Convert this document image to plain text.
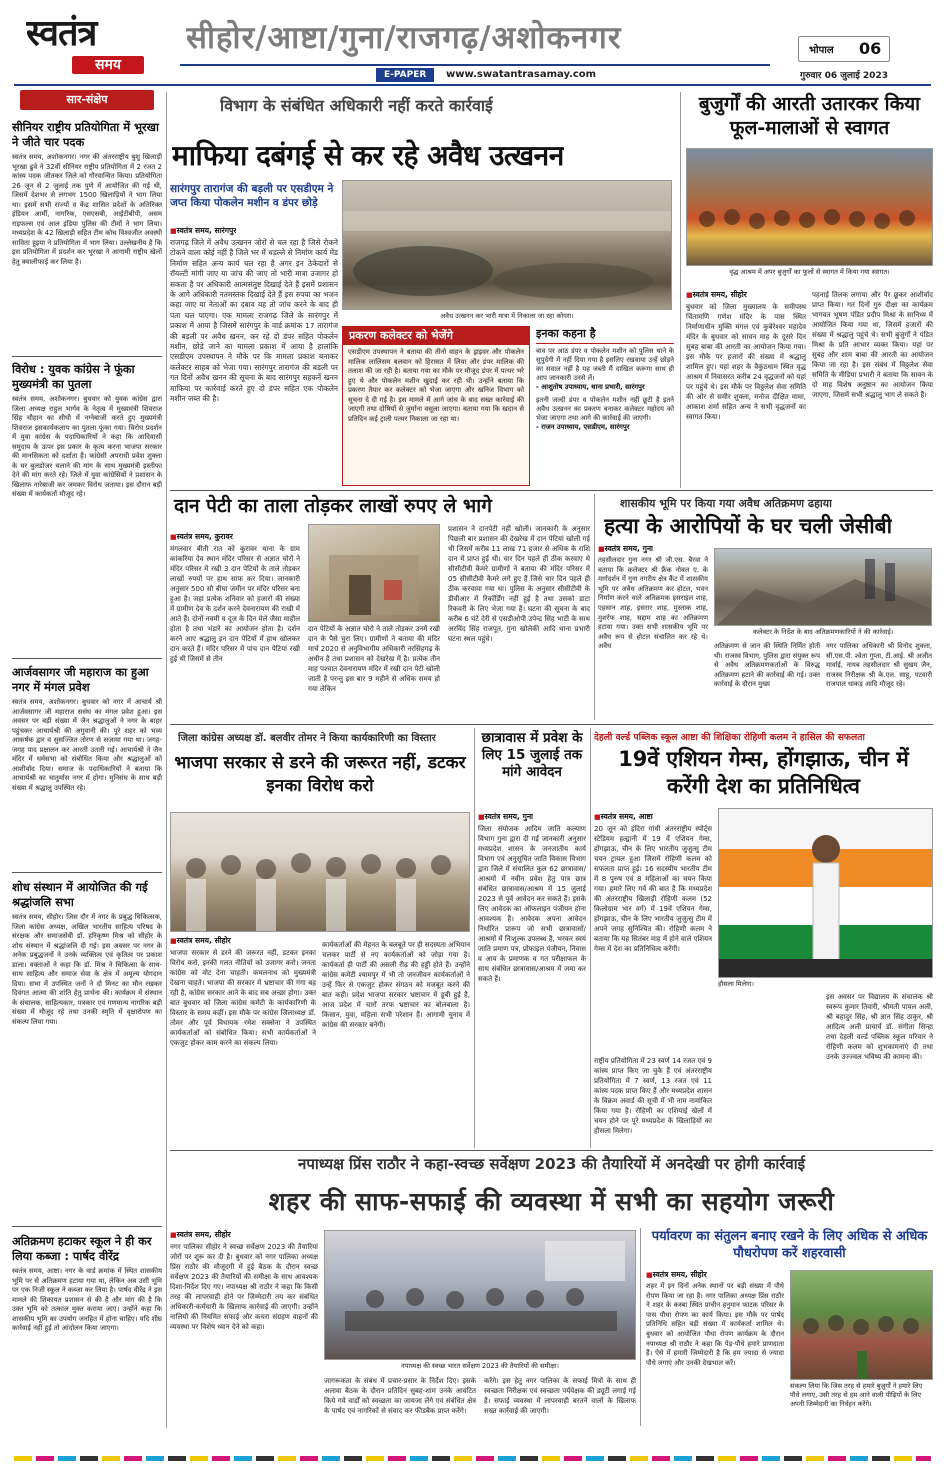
स्वतंत्र
समय
सीहोर/आष्टा/गुना/राजगढ़/अशोकनगर
E-PAPER	www.swatantrasamay.com
भोपाल 06
गुरुवार 06 जुलाई 2023
सार-संक्षेप
सीनियर राष्ट्रीय प्रतियोगिता में भूरखा ने जीते चार पदक
स्वतंत्र समय, अशोकनगर। नगर की अंतरराष्ट्रीय बुशु खिलाड़ी भूरखा ढुवे ने 32वीं सीनियर राष्ट्रीय प्रतियोगिता में 2 रजत 2 कांस्य पदक जीतकर जिले को गौरवान्वित किया। प्रतियोगिता 26 जून से 2 जुलाई तक पुणे में आयोजित की गई थी, जिसमें देशभर से लगभग 1500 खिलाड़ियों ने भाग लिया था। इसमें सभी राज्यों व केंद्र शासित प्रदेशों के अतिरिक्त इंडियन आर्मी, नागरिक, एसएसबी, आईटीबीपी, असम राइफल्स एवं आल इंडिया पुलिस की टीमों ने भाग लिया। मध्यप्रदेश के 42 खिलाड़ी सहित टीम कोच विश्वजीत अवस्थी साविता हुइया ने प्रतियोगिता में भाग लिया। उल्लेखनीय है कि इस प्रतियोगिता में प्रदर्शन कर भूरखा ने आगामी राष्ट्रीय खेलों हेतु क्वालीफाई कर लिया है।
विरोध : युवक कांग्रेस ने फूंका मुख्यमंत्री का पुतला
स्वतंत्र समय, अशोकनगर। बुधवार को युवक कांग्रेस द्वारा जिला अध्यक्ष राहुल भार्गव के नेतृत्व में मुख्यमंत्री शिवराज सिंह चौहान का सीधी में नग्नेबाजी करते हुए मुख्यमंत्री शिवराज इसकार्यकलाप का पुतला फूंका गया। विरोध प्रदर्शन में युवा कांग्रेस के पदाधिकारियों ने कहा कि आदिवासी समुदाय के ऊपर इस प्रकार के कृत्य करना भाजपा सरकार की मानसिकता को दर्शाता है। कांग्रेसी अपराधी प्रवेश शुक्ला के घर बुलडोजर चलाने की मांग के साथ मुख्यमंत्री इस्तीफा देने की मांग करते रहे। जिले में युवा कांग्रेसियों ने प्रशासन के खिलाफ नारेबाजी कर जमकर विरोध जताया। इस दौरान बड़ी संख्या में कार्यकर्ता मौजूद रहे।
आर्जवसागर जी महाराज का हुआ नगर में मंगल प्रवेश
स्वतंत्र समय, अशोकनगर। बुधवार को नगर में आचार्य श्री आर्जवसागर जी महाराज ससंघ का मंगल प्रवेश हुआ। इस अवसर पर बड़ी संख्या में जैन श्रद्धालुओं ने नगर के बाहर पहुंचकर आचार्यश्री की अगुवानी की। पूरे शहर को भव्य आकर्षक द्वार व सुसज्जित तोरण से सजाया गया था। जगह-जगह पाद प्रक्षालन कर आरती उतारी गई। आचार्यश्री ने जैन मंदिर में धर्मसभा को संबोधित किया और श्रद्धालुओं को आशीर्वाद दिया। समाज के पदाधिकारियों ने बताया कि आचार्यश्री का चातुर्मास नगर में होगा। मुनिसंघ के साथ बड़ी संख्या में श्रद्धालु उपस्थित रहे।
शोध संस्थान में आयोजित की गई श्रद्धांजलि सभा
स्वतंत्र समय, सीहोर। जिस दौर में नगर के प्रबुद्ध चिकित्सक, जिला कांग्रेस अध्यक्ष, अखिल भारतीय साहित्य परिषद के संरक्षक और समाजसेवी डॉ. हरिकृष्ण मिश्र को सीहोर के शोध संस्थान में श्रद्धांजलि दी गई। इस अवसर पर नगर के अनेक प्रबुद्धजनों ने उनके व्यक्तित्व एवं कृतित्व पर प्रकाश डाला। वक्ताओं ने कहा कि डॉ. मिश्र ने चिकित्सा के साथ-साथ साहित्य और समाज सेवा के क्षेत्र में अमूल्य योगदान दिया। सभा में उपस्थित जनों ने दो मिनट का मौन रखकर दिवंगत आत्मा की शांति हेतु प्रार्थना की। कार्यक्रम में संस्थान के संचालक, साहित्यकार, पत्रकार एवं गणमान्य नागरिक बड़ी संख्या में मौजूद रहे तथा उनकी स्मृति में वृक्षारोपण का संकल्प लिया गया।
अतिक्रमण हटाकर स्कूल ने ही कर लिया कब्जा : पार्षद वीरेंद्र
स्वतंत्र समय, आष्टा। नगर के वार्ड क्रमांक में स्थित शासकीय भूमि पर से अतिक्रमण हटाया गया था, लेकिन अब उसी भूमि पर एक निजी स्कूल ने कब्जा कर लिया है। पार्षद वीरेंद्र ने इस मामले की शिकायत प्रशासन से की है और मांग की है कि उक्त भूमि को तत्काल मुक्त कराया जाए। उन्होंने कहा कि शासकीय भूमि का उपयोग जनहित में होना चाहिए। यदि शीघ्र कार्रवाई नहीं हुई तो आंदोलन किया जाएगा।
विभाग के संबंधित अधिकारी नहीं करते कार्रवाई
माफिया दबंगई से कर रहे अवैध उत्खनन
सारंगपुर तारागंज की बड़ली पर एसडीएम ने जप्त किया पोकलेन मशीन व डंपर छोड़े
अवैध उत्खनन कर भारी मात्रा में निकाला जा रहा कोपरा।
■ स्वतंत्र समय, सारंगपुर
राजगढ़ जिले में अवैध उत्खनन जोरों से चल रहा है जिसे रोकने टोकने वाला कोई नहीं है जिले भर में धड़ल्ले से निर्माण कार्य मेंड निर्माण सहित अन्य कार्य चल रहा है अगर इन ठेकेदारों से रॉयल्टी मांगी जाए या जांच की जाए तो भारी मात्रा उजागर हो सकता है पर अधिकारी आत्मसंतुष्ट दिखाई देते हैं इसमें प्रशासन के आगे अधिकारी नतमस्तक दिखाई देते हैं इस रुपया का भजन कहा जाए या नेताओं का दबाव यह तो जांच करने के बाद ही पता चल पाएगा। एक मामला राजगढ़ जिले के सारंगपुर में प्रकाश में आया है जिसमें सारंगपुर के वार्ड क्रमांक 17 तारागंज की बड़ली पर अवैध खनन, कर रहे दो डंपर सहित पोकलेन मशीन, छोड़े जाने का मामला प्रकाश में आया है हालांकि एसडीएम उपस्थापन ने मौके पर कि मामला प्रकाश बनाकर कलेक्टर साहब को भेजा गया। सारंगपुर तारागंज की बड़ली पर गत दिनों अवैध खनन की सूचना के बाद सारंगपुर सहकर्ने खनन माफिया पर कार्रवाई करते हुए दो डंपर सहित एक पोकलेन मशीन जब्त की है।
प्रकरण कलेक्टर को भेजेंगे
एसडीएम उपस्थापन ने बताया की तीनो वाहन के ड्राइवर और पोकलेन मालिक लालिसम बलवान को हिरासत में लिया और डंपर मालिक की तलाश की जा रही है। बताया गया का मौके पर मौजूद डंपर में पत्थर भरे हुए थे और पोकलेन मशीन खुदाई कर रही थी। उन्होंने बताया कि प्रकरण तैयार कर कलेक्टर को भेजा जाएगा और खनिज विभाग को सूचना दे दी गई है। इस मामले में आगे जांच के बाद सख्त कार्रवाई की जाएगी तथा दोषियों से जुर्माना वसूला जाएगा। बताया गया कि खदान से प्रतिदिन कई ट्राली पत्थर निकाला जा रहा था।
इनका कहना है
बाव पर आठ डंपर व पोकलेन मशीन को पुलिस थाने के सुपुर्दगी में नहीं दिया गया है इसलिए रखवाया उन्हें छोड़ने का सवाल नहीं है यह जब्ती मैं दाखिल करूंगा साथ ही आप जानकारी उनसे लें।
- आशुतोष उपाध्याय, थाना प्रभारी, सारंगपुर
इतनी जल्दी डंपर व पोकलेन मशीन नहीं छूटी है इतने अवैध उत्खनन का प्रकरण बनाकर कलेक्टर महोदय को भेजा जाएगा तथा आगे की कार्रवाई की जाएगी।
- राजन उपाध्याय, एसडीएम, सारंगपुर
बुजुर्गों की आरती उतारकर किया फूल-मालाओं से स्वागत
वृद्ध आश्रम में अपर बुजुर्गों का फूलों से स्वागत में किया गया स्वागत।
■ स्वतंत्र समय, सीहोर
बुधवार को जिला मुख्यालय के समीपस्थ चिंतामणि गणेश मंदिर के पास स्थित निर्माणाधीन मुक्ति मंगल एवं कुबेरेश्वर महादेव मंदिर के बुधवार को सावन माह के दूसरे दिन सुबह बाबा की आरती का आयोजन किया गया। इस मौके पर हजारों की संख्या में श्रद्धालु शामिल हुए। यहां शहर के वैकुंठधाम स्थित वृद्ध आश्रम में निवासरत करीब 24 वृद्धजनों को यहां पर पहुंचे थे। इस मौके पर विठ्ठलेश सेवा समिति की ओर से समीर शुक्ला, मनोज दीक्षित मामा, आकाश शर्मा सहित अन्य ने सभी वृद्धजनों का स्वागत किया।
पहनाई तिलक लगाया और पैर छूकर आशीर्वाद प्राप्त किया। गत दिनों गुरु दीक्षा का कार्यक्रम भागवत भूषण पंडित प्रदीप मिश्रा के सानिध्य में आयोजित किया गया था, जिसमें हजारों की संख्या में श्रद्धालु पहुंचे थे। सभी बुजुर्गों ने पंडित मिश्रा के प्रति आभार व्यक्त किया। यहां पर सुबह और शाम बाबा की आरती का आयोजन किया जा रहा है। इस संबंध में विठ्ठलेश सेवा समिति के मीडिया प्रभारी ने बताया कि सावन के दो माह विशेष अनुष्ठान का आयोजन किया जाएगा, जिसमें सभी श्रद्धालु भाग ले सकते हैं।
दान पेटी का ताला तोड़कर लाखों रुपए ले भागे
■ स्वतंत्र समय, कुरावर
मंगलवार बीती रात को कुरावर थाना के ग्राम कांकरिया देव स्थान मंदिर परिसर से अज्ञात चोरों ने मंदिर परिसर में रखी 3 दान पेटियों के ताले तोड़कर लाखों रुपयों पर हाथ साफ कर दिया। जानकारी अनुसार 500 सौ बीघा जमीन पर मंदिर परिसर बना हुआ है। जहां प्रत्येक शनिवार को हजारों की संख्या में ग्रामीण देव के दर्शन करने देवनारायण की राखी में आते हैं। दोनों नवमी व दूज के दिन मेले जैसा माहौल होता है तथा भंडारे का आयोजन होता है। दर्शन करने आए श्रद्धालु इन दान पेटियों में हाथ खोलकर दान करते हैं। मंदिर परिसर में पांच दान पेटियां रखी हुई थी जिसमें से तीन
दान पेटियों के अज्ञात चोरो ने ताले तोड़कर उनमें रखी दान के पैसे चुरा लिए। ग्रामीणों ने बताया की मंदिर मार्च 2020 से अनुविभागीय अधिकारी नरसिंहगढ़ के अधीन है तथा प्रशासन को देखरेख में है। प्रत्येक तीन माह पश्चात देवनारायण मंदिर में रखी दान पेटी खोली जाती है परन्तु इस बार 9 महीने से अधिक समय हो गया लेकिन
प्रशासन ने दानपेटी नहीं खोली। जानकारी के अनुसार पिछली बार प्रशासन की देखरेख में दान पेटियां खोली गई थी जिसमें करीब 11 लाख 71 हजार से अधिक के राशि दान में प्राप्त हुई थी। चार दिन पहले ही ठीक करवाए थे सीसीटीवी कैमरे ग्रामीणों ने बताया की मंदिर परिसर में 05 सीसीटीवी कैमरे लगे हुए हैं जिसे चार दिन पहले ही ठीक करवाया गया था। पुलिस के अनुसार सीसीटीवी के डीवीआर में रिकॉर्डिंग नहीं हुई है तथा उसको डाटा रिकवरी के लिए भेजा गया है। घटना की सूचना के बाद करीब 6 घंटे देरी से एसडीओपी उपेन्द्र सिंह भाटी के साथ अरविंद सिंह राजपूत, गुना खोलेकी आदि थाना प्रभारी घटना स्थल पहुंचे।
शासकीय भूमि पर किया गया अवैध अतिक्रमण ढहाया
हत्या के आरोपियों के घर चली जेसीबी
■ स्वतंत्र समय, गुना
तहसीलदार गुना नगर श्री जी.एस. बैरवा ने बताया कि कलेक्टर श्री फ्रैंक नोबल ए. के मार्गदर्शन में गुना नगरीय क्षेत्र कैंट में शासकीय भूमि पर अवैध अतिक्रमण कर होटल, भवन निर्माण करने वाले अतिक्रमक इसराइल शाह, एहसान शाह, इसरार शाह, मुस्ताक शाह, मुशर्रफ शाह, सद्दाम शाह का अतिक्रमण हटाया गया। उक्त सभी शासकीय भूमि पर अवैध रूप से होटल संचालित कर रहे थे। अवैध
कलेक्टर के निर्देश के बाद अतिक्रमणकारियों ने की कार्रवाई।
अतिक्रमण से जान की स्थिति निर्मित होती थी। राजस्व विभाग, पुलिस द्वारा संयुक्त रूप से अवैध अतिक्रमणकर्ताओं के विरुद्ध अतिक्रमण हटाने की कार्रवाई की गई। उक्त कार्रवाई के दौरान मुख्य
नगर पालिका अधिकारी श्री विनोद शुक्ला, सी.एस.पी. श्वेता गुप्ता, टी.आई. श्री अजीत मार्वाई, नायब तहसीलदार श्री सुखम जैन, राजस्व निरीक्षक श्री के.एल. साहू, पटवारी राजपाल धाकड़ आदि मौजूद रहे।
जिला कांग्रेस अध्यक्ष डॉ. बलवीर तोमर ने किया कार्यकारिणी का विस्तार
भाजपा सरकार से डरने की जरूरत नहीं, डटकर इनका विरोध करो
■ स्वतंत्र समय, सीहोर
भाजपा सरकार से डरने की जरूरत नहीं, डटकर इनका विरोध करो, इनकी गलत नीतियों को उजागर करो। जनता कांग्रेस को वोट देना चाहती। कमलनाथ को मुख्यमंत्री देखना चाहते। भाजपा की सरकार में भ्रष्टाचार की गंगा बह रही है, कांग्रेस सरकार आने के बाद सब अच्छा होगा। उक्त बात बुधवार को जिला कांग्रेस कमेटी के कार्यकारिणी के विस्तार के समय कहीं। इस मौके पर कांग्रेस जिलाध्यक्ष डॉ. तोमर और पूर्व विधायक रमेश सक्सेना ने उपस्थित कार्यकर्ताओं को संबोधित किया। सभी कार्यकर्ताओं ने एकजुट होकर काम करने का संकल्प लिया।
कार्यकर्ताओं की मेहनत के बलबूते पर ही सदस्यता अभियान चलकर पार्टी से नए कार्यकर्ताओं को जोड़ा गया है। कार्यकर्ता ही पार्टी की असली रीढ़ की हड्डी होते हैं। उन्होंने कांग्रेस कमेटी श्यामपुर में भी तो जनजीवन कार्यकर्ताओं ने उन्हें फिर से एकजुट होकर संगठन को मजबूत करने की बात कही। प्रदेश भाजपा सरकार भ्रष्टाचार में डूबी हुई है, आज प्रदेश में चारों तरफ भ्रष्टाचार का बोलबाला है। किसान, युवा, महिला सभी परेशान हैं। आगामी चुनाव में कांग्रेस की सरकार बनेगी।
छात्रावास में प्रवेश के लिए 15 जुलाई तक मांगे आवेदन
■ स्वतंत्र समय, गुना
जिला संयोजक आदिम जाति कल्याण विभाग गुना द्वारा दी गई जानकारी अनुसार मध्यप्रदेश शासन के जनजातीय कार्य विभाग एवं अनुसूचित जाति विकास विभाग द्वारा जिले में संचालित कुल 62 छात्रावास/आश्रमों में नवीन प्रवेश हेतु पात्र छात्र संबंधित छात्रावास/आश्रम में 15 जुलाई 2023 से पूर्व आवेदन कर सकते हैं। इसके लिए आवेदक का ऑफलाइन पंजीयन होना आवश्यक है। आवेदक अपना आवेदन निर्धारित प्रारूप जो सभी छात्रावासों/आश्रमों में निःशुल्क उपलब्ध है, भरकर स्वयं जाति प्रमाण पत्र, प्रोफाइल पंजीयन, निवास व आय के प्रमाणक व गत परीक्षाफल के साथ संबंधित छात्रावास/आश्रम में जमा कर सकते हैं।
देहली वर्ल्ड पब्लिक स्कूल आष्टा की शिक्षिका रोहिणी कलम ने हासिल की सफलता
19वें एशियन गेम्स, होंगझाऊ, चीन में करेंगी देश का प्रतिनिधित्व
■ स्वतंत्र समय, आष्टा
20 जून को इंदिरा गांधी अंतरराष्ट्रीय स्पोर्ट्स स्टेडियम हल्द्वानी में 19 वें एशियन गेम्स, होंगझाऊ, चीन के लिए भारतीय जुजुत्सु टीम चयन ट्रायल हुआ जिसमें रोहिणी कलम को सफलता प्राप्त हुई। 16 सदस्यीय भारतीय टीम में 8 पुरुष एवं 8 महिलाओं का चयन किया गया। हमारे लिए गर्व की बात है कि मध्यप्रदेश की अंतरराष्ट्रीय खिलाड़ी रोहिणी कलम (52 किलोग्राम भार वर्ग) में 19वें एशियन गेम्स, होंगझाऊ, चीन के लिए भारतीय जुजुत्सु टीम में अपने जगह सुनिश्चित की। रोहिणी कलम ने बताया कि यह सितंबर माह में होने वाले एशियन गेम्स में देश का प्रतिनिधित्व करेंगी।
हौसला मिलेगा।
राष्ट्रीय प्रतियोगिता में 23 स्वर्ण 14 रजत एवं 9 कांस्य प्राप्त किए जा चुके हैं एवं अंतरराष्ट्रीय प्रतियोगिता में 7 स्वर्ण, 13 रजत एवं 11 कांस्य पदक प्राप्त किए हैं और मध्यप्रदेश शासन के विक्रम अवार्ड की सूची में भी नाम नामांकित किया गया है। रोहिणी का एशियाई खेलों में चयन होने पर पूरे मध्यप्रदेश के खिलाड़ियों का हौसला मिलेगा।
इस अवसर पर विद्यालय के संचालक श्री स्वरूप कुमार तिवारी, श्रीमती पायल अली, श्री बहादुर सिंह, श्री ज्ञान सिंह ठाकुर, श्री आदित्य अली प्राचार्य डॉ. संगीता सिन्हा तथा देहली वर्ल्ड पब्लिक स्कूल परिवार ने रोहिणी कलम को शुभकामनाएं दी तथा उनके उज्ज्वल भविष्य की कामना की।
नपाध्यक्ष प्रिंस राठौर ने कहा-स्वच्छ सर्वेक्षण 2023 की तैयारियों में अनदेखी पर होगी कार्रवाई
शहर की साफ-सफाई की व्यवस्था में सभी का सहयोग जरूरी
■ स्वतंत्र समय, सीहोर
नगर पालिका सीहोर ने स्वच्छ सर्वेक्षण 2023 की तैयारियां जोरों पर शुरू कर दी है। बुधवार को नगर पालिका अध्यक्ष प्रिंस राठौर की मौजूदगी में हुई बैठक के दौरान स्वच्छ सर्वेक्षण 2023 की तैयारियों की समीक्षा के साथ आवश्यक दिशा-निर्देश दिए गए। नपाध्यक्ष श्री राठौर ने कहा कि किसी तरह की लापरवाही होने पर जिम्मेदारी तय कर संबंधित अधिकारी-कर्मचारी के खिलाफ कार्रवाई की जाएगी। उन्होंने नालियों की नियमित सफाई और कचरा संग्रहण वाहनों की व्यवस्था पर विशेष ध्यान देने को कहा।
नपाध्यक्ष की स्वच्छ भारत सर्वेक्षण 2023 की तैयारियों की समीक्षा।
जागरूकता के संबंध में प्रचार-प्रसार के निर्देश दिए। इसके अलावा बैठक के दौरान प्रतिदिन सुबह-शाम उनके आवंटित किये गये वार्डों को स्वच्छता का जायजा लेंगे एवं संबंधित क्षेत्र के पार्षद एवं नागरिकों से संवाद कर फीडबैक प्राप्त करेंगे।
करेंगे। इस हेतु नगर पालिका के सफाई मित्रों के साथ ही स्वच्छता निरीक्षक एवं स्वच्छता पर्यवेक्षक की ड्यूटी लगाई गई है। सफाई व्यवस्था में लापरवाही बरतने वालों के खिलाफ सख्त कार्रवाई की जाएगी।
पर्यावरण का संतुलन बनाए रखने के लिए अधिक से अधिक पौधरोपण करें शहरवासी
■ स्वतंत्र समय, सीहोर
शहर में इन दिनों अनेक स्थानों पर बड़ी संख्या में पौधे रोपण किया जा रहा है। नगर पालिका अध्यक्ष प्रिंस राठौर ने शहर के कस्बा स्थित प्राचीन हनुमान फाटक परिसर के पास पौधा रोपण का कार्य किया। इस मौके पर पार्षद प्रतिनिधि सहित बड़ी संख्या में कार्यकर्ता शामिल थे। बुधवार को आयोजित पौधा रोपण कार्यक्रम के दौरान नपाध्यक्ष श्री राठौर ने कहा कि पेड़-पौधे हमारे प्राणदाता हैं। ऐसे में हमारी जिम्मेदारी है कि हम ज्यादा से ज्यादा पौधे लगाएं और उनकी देखभाल करें।
संकल्प लिया कि जिस तरह से हमारे बुजुर्गों ने हमारे लिए पौधे लगाए, उसी तरह से हम आने वाली पीढ़ियों के लिए अपनी जिम्मेदारी का निर्वहन करेंगे।
